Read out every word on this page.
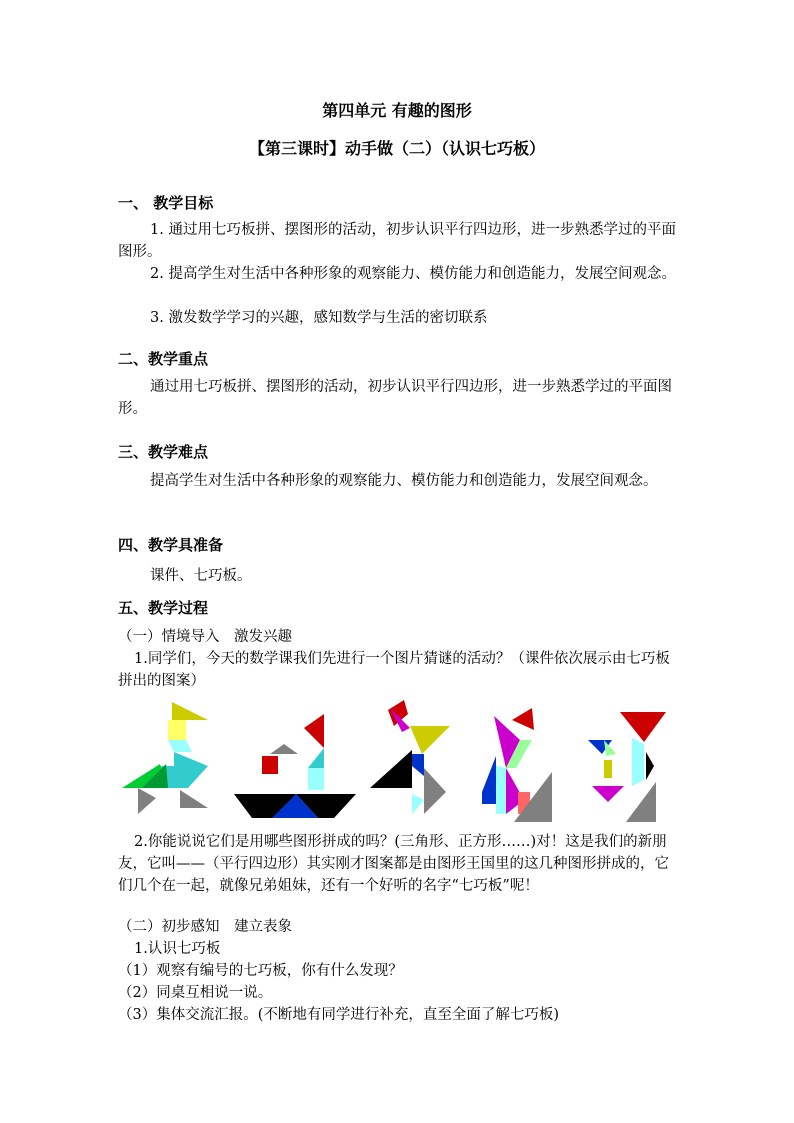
第四单元 有趣的图形
【第三课时】动手做（二）（认识七巧板）
一、 教学目标
1. 通过用七巧板拼、摆图形的活动，初步认识平行四边形，进一步熟悉学过的平面图形。
2. 提高学生对生活中各种形象的观察能力、模仿能力和创造能力，发展空间观念。
3. 激发数学学习的兴趣，感知数学与生活的密切联系
二、教学重点
通过用七巧板拼、摆图形的活动，初步认识平行四边形，进一步熟悉学过的平面图形。
三、教学难点
提高学生对生活中各种形象的观察能力、模仿能力和创造能力，发展空间观念。
四、教学具准备
课件、七巧板。
五、教学过程
（一）情境导入　激发兴趣
1.同学们，今天的数学课我们先进行一个图片猜谜的活动？（课件依次展示由七巧板拼出的图案）
2.你能说说它们是用哪些图形拼成的吗？(三角形、正方形……)对！这是我们的新朋友，它叫——（平行四边形）其实刚才图案都是由图形王国里的这几种图形拼成的，它们几个在一起，就像兄弟姐妹，还有一个好听的名字“七巧板”呢！
（二）初步感知　建立表象
1.认识七巧板
（1）观察有编号的七巧板，你有什么发现？
（2）同桌互相说一说。
（3）集体交流汇报。(不断地有同学进行补充，直至全面了解七巧板)
